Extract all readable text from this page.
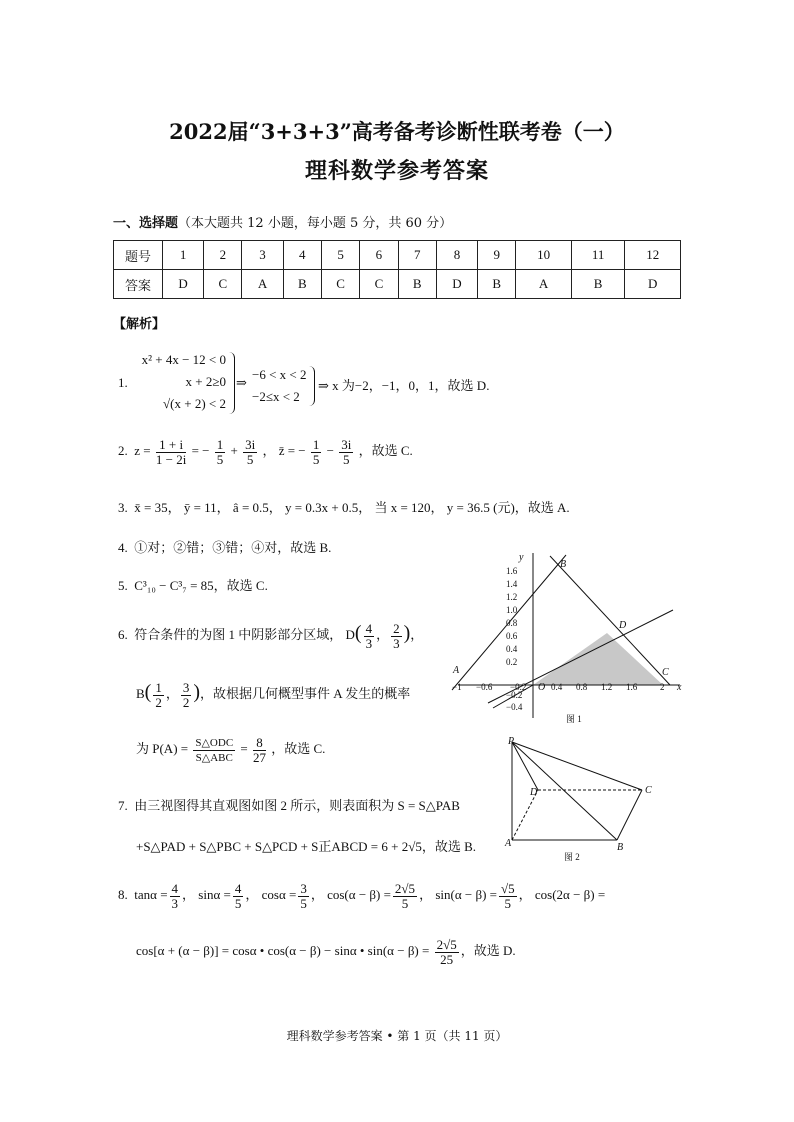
2022届“3+3+3”高考备考诊断性联考卷（一）
理科数学参考答案
一、选择题（本大题共 12 小题，每小题 5 分，共 60 分）
题号	1	2	3	4	5	6	7	8	9	10	11	12
答案	D	C	A	B	C	C	B	D	B	A	B	D
【解析】
1.
x² + 4x − 12 < 0
x + 2≥0
√(x + 2) < 2
⇒
−6 < x < 2
−2≤x < 2
⇒ x 为−2，−1，0，1，故选 D.
2. $z = \frac{1 + i}{1 - 2i}$ = − $\frac{1}{5} + \frac{3i}{5}$ ， z̄ = − $\frac{1}{5} - \frac{3i}{5}$ ，故选 C.
3. x̄ = 35， ȳ = 11， â = 0.5， y = 0.3x + 0.5， 当 x = 120， y = 36.5 (元)，故选 A.
4. ①对；②错；③错；④对，故选 B.
5. C³₁₀ − C³₇ = 85，故选 C.
6. 符合条件的为图 1 中阴影部分区域， $D( \frac{4}{3}$ ， $\frac{2}{3}$ )，
$B( \frac{1}{2}$ ， $\frac{3}{2}$ )，故根据几何概型事件 A 发生的概率
为 $P(A) = \frac{\text{S△ODC}}{\text{S△ABC}} = \frac{8}{27}$ ，故选 C.
7. 由三视图得其直观图如图 2 所示，则表面积为 S = S△PAB
+S△PAD + S△PBC + S△PCD + S正ABCD = 6 + 2√5，故选 B.
8. $\tan\alpha = \frac{4}{3}$ ， $\sin\alpha = \frac{4}{5}$ ， $\cos\alpha = \frac{3}{5}$ ， $\cos(\alpha - \beta) = \frac{2√5}{5}$ ， $\sin(\alpha - \beta) = \frac{√5}{5}$ ， cos(2α − β) =
cos[α + (α − β)] = cosα • cos(α − β) − sinα • $\sin(\alpha - \beta) = \frac{2√5}{25}$ ，故选 D.
1.6
1.4
1.2
1.0
0.8
0.6
0.4
0.2
−0.2
−0.4
−1 −0.6 −0.2	0.4 0.8 1.2 1.6	2
A
B
C
D
O	x
y
图 1
P
A	B
C
D
图 2
理科数学参考答案 • 第 1 页（共 11 页）
